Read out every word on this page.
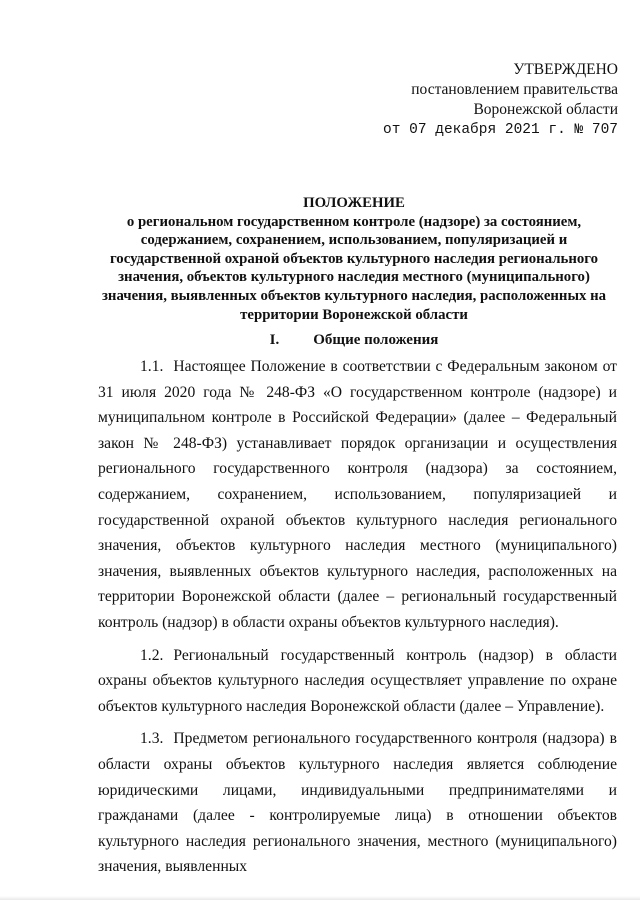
УТВЕРЖДЕНО
постановлением правительства
Воронежской области
от 07 декабря 2021 г. № 707
ПОЛОЖЕНИЕ
о региональном государственном контроле (надзоре) за состоянием, содержанием, сохранением, использованием, популяризацией и государственной охраной объектов культурного наследия регионального значения, объектов культурного наследия местного (муниципального) значения, выявленных объектов культурного наследия, расположенных на территории Воронежской области
I. Общие положения

1.1. Настоящее Положение в соответствии с Федеральным законом от 31 июля 2020 года № 248-ФЗ «О государственном контроле (надзоре) и муниципальном контроле в Российской Федерации» (далее – Федеральный закон № 248-ФЗ) устанавливает порядок организации и осуществления регионального государственного контроля (надзора) за состоянием, содержанием, сохранением, использованием, популяризацией и государственной охраной объектов культурного наследия регионального значения, объектов культурного наследия местного (муниципального) значения, выявленных объектов культурного наследия, расположенных на территории Воронежской области (далее – региональный государственный контроль (надзор) в области охраны объектов культурного наследия).

1.2. Региональный государственный контроль (надзор) в области охраны объектов культурного наследия осуществляет управление по охране объектов культурного наследия Воронежской области (далее – Управление).

1.3. Предметом регионального государственного контроля (надзора) в области охраны объектов культурного наследия является соблюдение юридическими лицами, индивидуальными предпринимателями и гражданами (далее - контролируемые лица) в отношении объектов культурного наследия регионального значения, местного (муниципального) значения, выявленных
